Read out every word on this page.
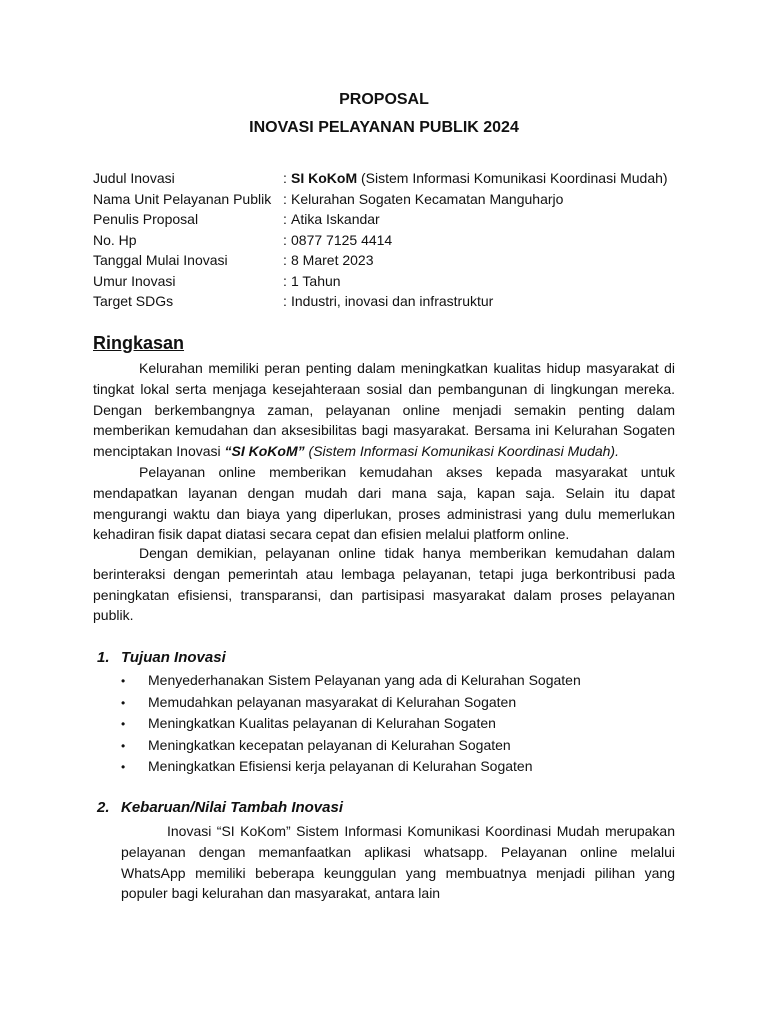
PROPOSAL
INOVASI PELAYANAN PUBLIK 2024
Judul Inovasi	: SI KoKoM (Sistem Informasi Komunikasi Koordinasi Mudah)
Nama Unit Pelayanan Publik :Kelurahan Sogaten Kecamatan Manguharjo
Penulis Proposal	: Atika Iskandar
No. Hp	: 0877 7125 4414
Tanggal Mulai Inovasi	: 8 Maret 2023
Umur Inovasi	: 1 Tahun
Target SDGs	:Industri, inovasi dan infrastruktur
Ringkasan

Kelurahan memiliki peran penting dalam meningkatkan kualitas hidup masyarakat di tingkat lokal serta menjaga kesejahteraan sosial dan pembangunan di lingkungan mereka. Dengan berkembangnya zaman, pelayanan online menjadi semakin penting dalam memberikan kemudahan dan aksesibilitas bagi masyarakat. Bersama ini Kelurahan Sogaten menciptakan Inovasi “SI KoKoM” (Sistem Informasi Komunikasi Koordinasi Mudah).

Pelayanan online memberikan kemudahan akses kepada masyarakat untuk mendapatkan layanan dengan mudah dari mana saja, kapan saja. Selain itu dapat mengurangi waktu dan biaya yang diperlukan, proses administrasi yang dulu memerlukan kehadiran fisik dapat diatasi secara cepat dan efisien melalui platform online.

Dengan demikian, pelayanan online tidak hanya memberikan kemudahan dalam berinteraksi dengan pemerintah atau lembaga pelayanan, tetapi juga berkontribusi pada peningkatan efisiensi, transparansi, dan partisipasi masyarakat dalam proses pelayanan publik.

1. Tujuan Inovasi
• Menyederhanakan Sistem Pelayanan yang ada di Kelurahan Sogaten
• Memudahkan pelayanan masyarakat di Kelurahan Sogaten
• Meningkatkan Kualitas pelayanan di Kelurahan Sogaten
• Meningkatkan kecepatan pelayanan di Kelurahan Sogaten
• Meningkatkan Efisiensi kerja pelayanan di Kelurahan Sogaten
2. Kebaruan/Nilai Tambah Inovasi

Inovasi “SI KoKom” Sistem Informasi Komunikasi Koordinasi Mudah merupakan pelayanan dengan memanfaatkan aplikasi whatsapp. Pelayanan online melalui WhatsApp memiliki beberapa keunggulan yang membuatnya menjadi pilihan yang populer bagi kelurahan dan masyarakat, antara lain
